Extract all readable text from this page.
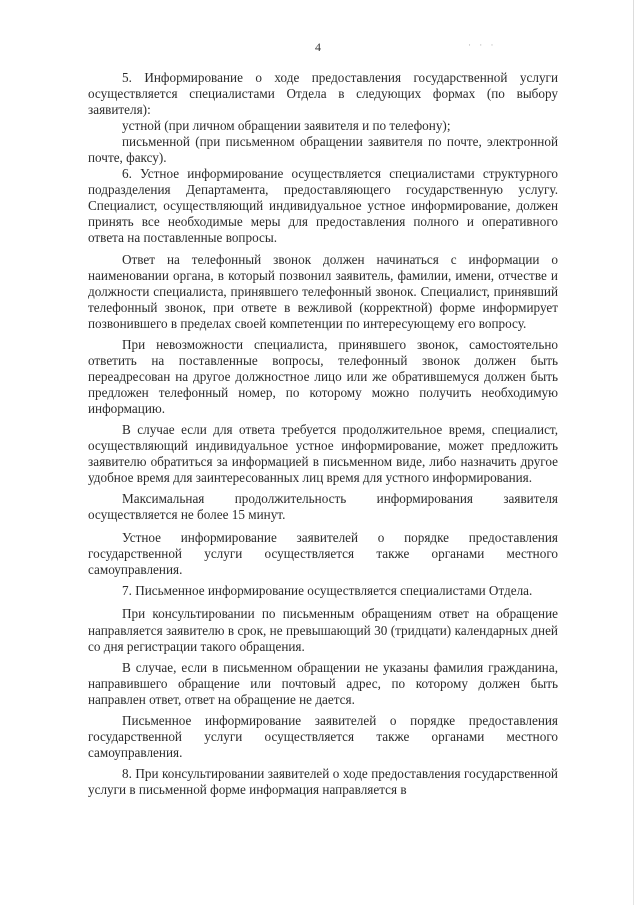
4	· · ·

5. Информирование о ходе предоставления государственной услуги осуществляется специалистами Отдела в следующих формах (по выбору заявителя):

устной (при личном обращении заявителя и по телефону);

письменной (при письменном обращении заявителя по почте, электронной почте, факсу).

6. Устное информирование осуществляется специалистами структурного подразделения Департамента, предоставляющего государственную услугу. Специалист, осуществляющий индивидуальное устное информирование, должен принять все необходимые меры для предоставления полного и оперативного ответа на поставленные вопросы.

Ответ на телефонный звонок должен начинаться с информации о наименовании органа, в который позвонил заявитель, фамилии, имени, отчестве и должности специалиста, принявшего телефонный звонок. Специалист, принявший телефонный звонок, при ответе в вежливой (корректной) форме информирует позвонившего в пределах своей компетенции по интересующему его вопросу.

При невозможности специалиста, принявшего звонок, самостоятельно ответить на поставленные вопросы, телефонный звонок должен быть переадресован на другое должностное лицо или же обратившемуся должен быть предложен телефонный номер, по которому можно получить необходимую информацию.

В случае если для ответа требуется продолжительное время, специалист, осуществляющий индивидуальное устное информирование, может предложить заявителю обратиться за информацией в письменном виде, либо назначить другое удобное время для заинтересованных лиц время для устного информирования.

Максимальная продолжительность информирования заявителя осуществляется не более 15 минут.

Устное информирование заявителей о порядке предоставления государственной услуги осуществляется также органами местного самоуправления.

7. Письменное информирование осуществляется специалистами Отдела.

При консультировании по письменным обращениям ответ на обращение направляется заявителю в срок, не превышающий 30 (тридцати) календарных дней со дня регистрации такого обращения.

В случае, если в письменном обращении не указаны фамилия гражданина, направившего обращение или почтовый адрес, по которому должен быть направлен ответ, ответ на обращение не дается.

Письменное информирование заявителей о порядке предоставления государственной услуги осуществляется также органами местного самоуправления.

8. При консультировании заявителей о ходе предоставления государственной услуги в письменной форме информация направляется в
